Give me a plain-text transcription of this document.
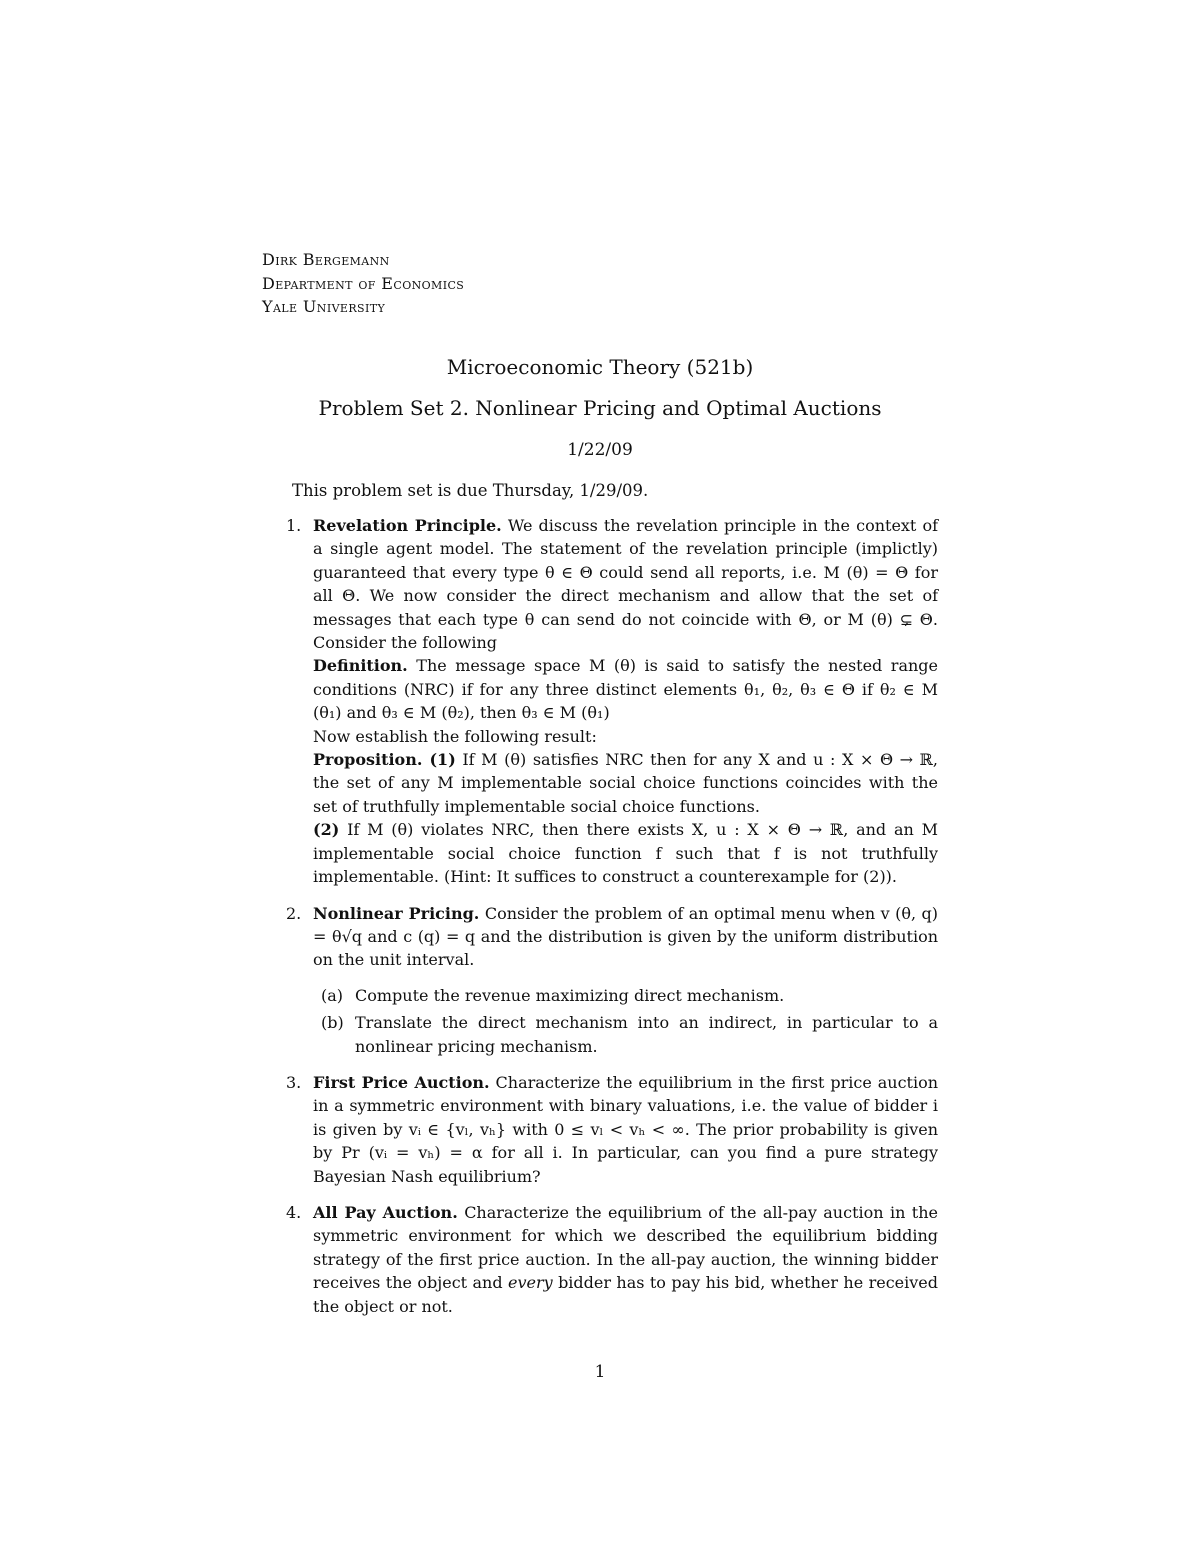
Dirk Bergemann
Department of Economics
Yale University
Microeconomic Theory (521b)
Problem Set 2. Nonlinear Pricing and Optimal Auctions
1/22/09
This problem set is due Thursday, 1/29/09.
1. Revelation Principle. We discuss the revelation principle in the context of a single agent model. The statement of the revelation principle (implictly) guaranteed that every type θ ∈ Θ could send all reports, i.e. M (θ) = Θ for all Θ. We now consider the direct mechanism and allow that the set of messages that each type θ can send do not coincide with Θ, or M (θ) ⊊ Θ. Consider the following

Definition. The message space M (θ) is said to satisfy the nested range conditions (NRC) if for any three distinct elements θ₁, θ₂, θ₃ ∈ Θ if θ₂ ∈ M (θ₁) and θ₃ ∈ M (θ₂), then θ₃ ∈ M (θ₁)

Now establish the following result:

Proposition. (1) If M (θ) satisfies NRC then for any X and u : X × Θ → ℝ, the set of any M implementable social choice functions coincides with the set of truthfully implementable social choice functions.

(2) If M (θ) violates NRC, then there exists X, u : X × Θ → ℝ, and an M implementable social choice function f such that f is not truthfully implementable. (Hint: It suffices to construct a counterexample for (2)).

2. Nonlinear Pricing. Consider the problem of an optimal menu when v (θ, q) = θ√q and c (q) = q and the distribution is given by the uniform distribution on the unit interval.

(a) Compute the revenue maximizing direct mechanism.

(b) Translate the direct mechanism into an indirect, in particular to a nonlinear pricing mechanism.

3. First Price Auction. Characterize the equilibrium in the first price auction in a symmetric environment with binary valuations, i.e. the value of bidder i is given by vᵢ ∈ {vₗ, vₕ} with 0 ≤ vₗ < vₕ < ∞. The prior probability is given by Pr (vᵢ = vₕ) = α for all i. In particular, can you find a pure strategy Bayesian Nash equilibrium?

4. All Pay Auction. Characterize the equilibrium of the all-pay auction in the symmetric environment for which we described the equilibrium bidding strategy of the first price auction. In the all-pay auction, the winning bidder receives the object and every bidder has to pay his bid, whether he received the object or not.

1
